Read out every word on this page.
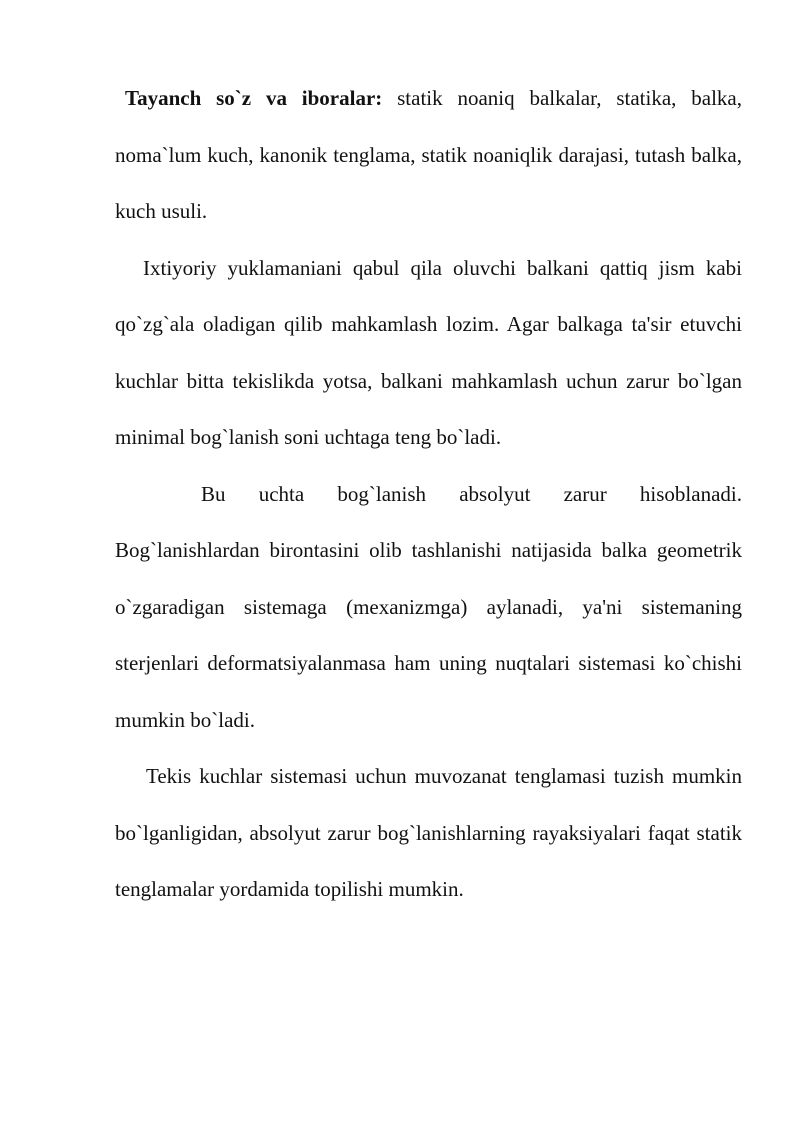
Tayanch so`z va iboralar: statik noaniq balkalar, statika, balka, noma`lum kuch, kanonik tenglama, statik noaniqlik darajasi, tutash balka, kuch usuli.

Ixtiyoriy yuklamaniani qabul qila oluvchi balkani qattiq jism kabi qo`zg`ala oladigan qilib mahkamlash lozim. Agar balkaga ta'sir etuvchi kuchlar bitta tekislikda yotsa, balkani mahkamlash uchun zarur bo`lgan minimal bog`lanish soni uchtaga teng bo`ladi.

Bu uchta bog`lanish absolyut zarur hisoblanadi. Bog`lanishlardan birontasini olib tashlanishi natijasida balka geometrik o`zgaradigan sistemaga (mexanizmga) aylanadi, ya'ni sistemaning sterjenlari deformatsiyalanmasa ham uning nuqtalari sistemasi ko`chishi mumkin bo`ladi.

Tekis kuchlar sistemasi uchun muvozanat tenglamasi tuzish mumkin bo`lganligidan, absolyut zarur bog`lanishlarning rayaksiyalari faqat statik tenglamalar yordamida topilishi mumkin.
